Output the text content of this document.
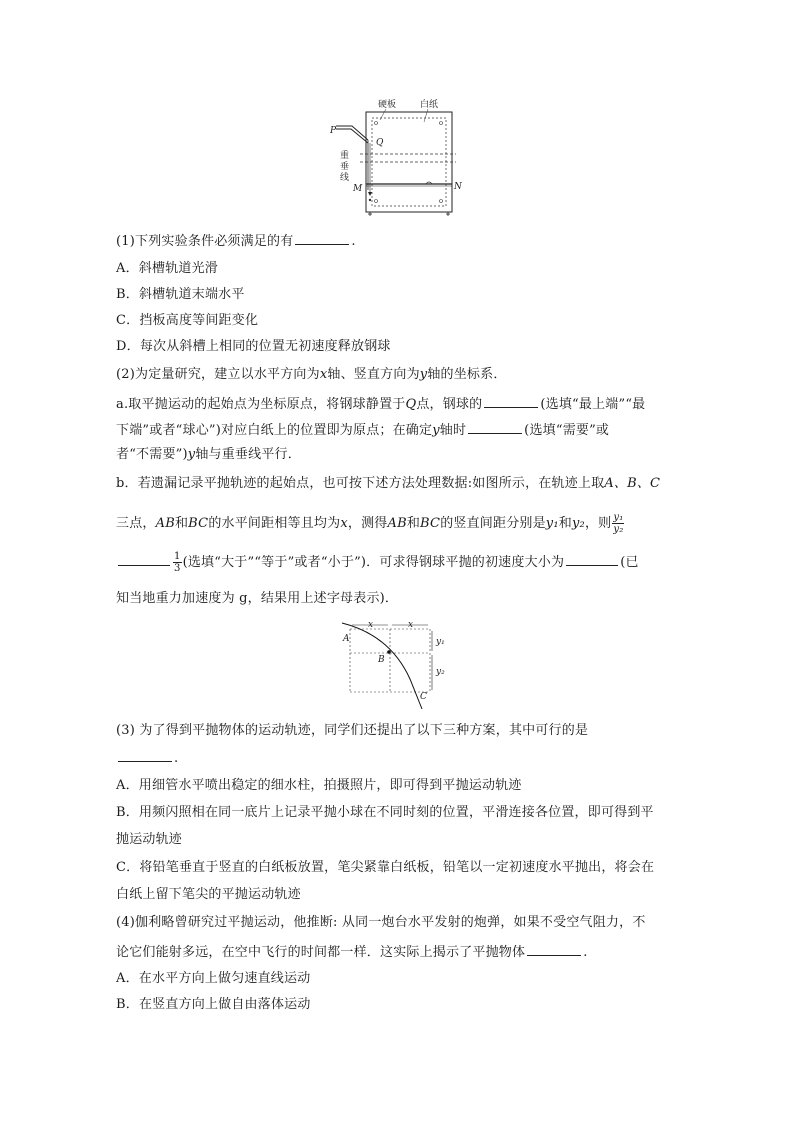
硬板	白纸
P
Q
重
垂
线
M	N
(1)下列实验条件必须满足的有	.
A．斜槽轨道光滑
B．斜槽轨道末端水平
C．挡板高度等间距变化
D．每次从斜槽上相同的位置无初速度释放钢球
(2)为定量研究，建立以水平方向为x轴、竖直方向为y轴的坐标系．
a.取平抛运动的起始点为坐标原点，将钢球静置于Q点，钢球的	(选填“最上端”“最
下端”或者“球心”)对应白纸上的位置即为原点；在确定y轴时	(选填“需要”或
者“不需要”)y轴与重垂线平行．
b．若遗漏记录平抛轨迹的起始点，也可按下述方法处理数据:如图所示，在轨迹上取A、B、C
三点，AB和BC的水平间距相等且均为x，测得AB和BC的竖直间距分别是y₁和y₂，则 $\frac{\text{y₁}}{\text{y₂}}$
$\frac{1}{3}$ (选填“大于”“等于”或者“小于”)．可求得钢球平抛的初速度大小为	(已
知当地重力加速度为 g，结果用上述字母表示)．
A
B
C
x	x
y₁
y₂
(3) 为了得到平抛物体的运动轨迹，同学们还提出了以下三种方案，其中可行的是
.
A．用细管水平喷出稳定的细水柱，拍摄照片，即可得到平抛运动轨迹
B．用频闪照相在同一底片上记录平抛小球在不同时刻的位置，平滑连接各位置，即可得到平
抛运动轨迹
C．将铅笔垂直于竖直的白纸板放置，笔尖紧靠白纸板，铅笔以一定初速度水平抛出，将会在
白纸上留下笔尖的平抛运动轨迹
(4)伽利略曾研究过平抛运动，他推断: 从同一炮台水平发射的炮弹，如果不受空气阻力，不
论它们能射多远，在空中飞行的时间都一样．这实际上揭示了平抛物体	.
A．在水平方向上做匀速直线运动
B．在竖直方向上做自由落体运动
